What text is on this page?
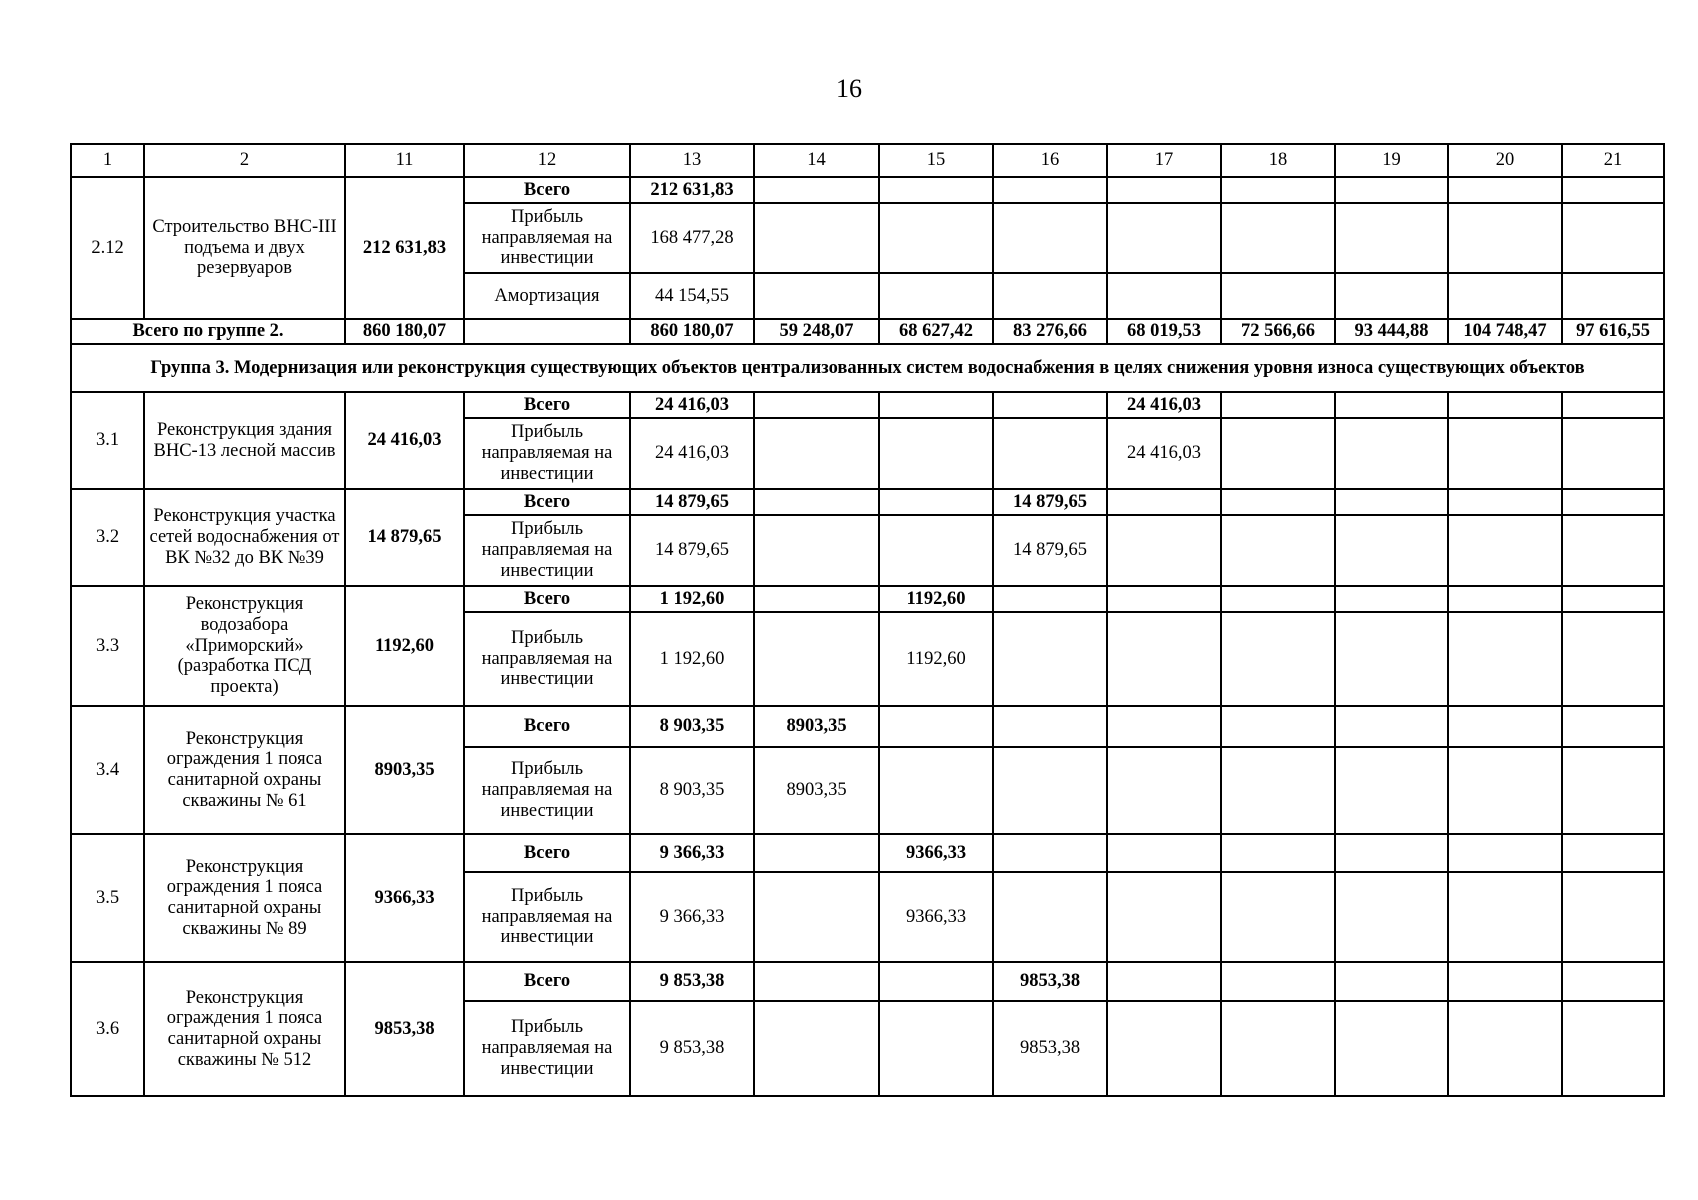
16
1	2	11	12	13	14	15	16	17	18	19	20	21
2.12	Строительство ВНС-III подъема и двух резервуаров	212 631,83	Всего	212 631,83								
			Прибыль направляемая на инвестиции	168 477,28								
			Амортизация	44 154,55								
Всего по группе 2.		860 180,07		860 180,07	59 248,07	68 627,42	83 276,66	68 019,53	72 566,66	93 444,88	104 748,47	97 616,55
Группа 3. Модернизация или реконструкция существующих объектов централизованных систем водоснабжения в целях снижения уровня износа существующих объектов												
3.1	Реконструкция здания ВНС-13 лесной массив	24 416,03	Всего	24 416,03				24 416,03				
			Прибыль направляемая на инвестиции	24 416,03				24 416,03				
3.2	Реконструкция участка сетей водоснабжения от ВК №32 до ВК №39	14 879,65	Всего	14 879,65			14 879,65					
			Прибыль направляемая на инвестиции	14 879,65			14 879,65					
3.3	Реконструкция водозабора «Приморский» (разработка ПСД проекта)	1192,60	Всего	1 192,60		1192,60						
			Прибыль направляемая на инвестиции	1 192,60		1192,60						
3.4	Реконструкция ограждения 1 пояса санитарной охраны скважины № 61	8903,35	Всего	8 903,35	8903,35							
			Прибыль направляемая на инвестиции	8 903,35	8903,35							
3.5	Реконструкция ограждения 1 пояса санитарной охраны скважины № 89	9366,33	Всего	9 366,33		9366,33						
			Прибыль направляемая на инвестиции	9 366,33		9366,33						
3.6	Реконструкция ограждения 1 пояса санитарной охраны скважины № 512	9853,38	Всего	9 853,38			9853,38					
			Прибыль направляемая на инвестиции	9 853,38			9853,38					
